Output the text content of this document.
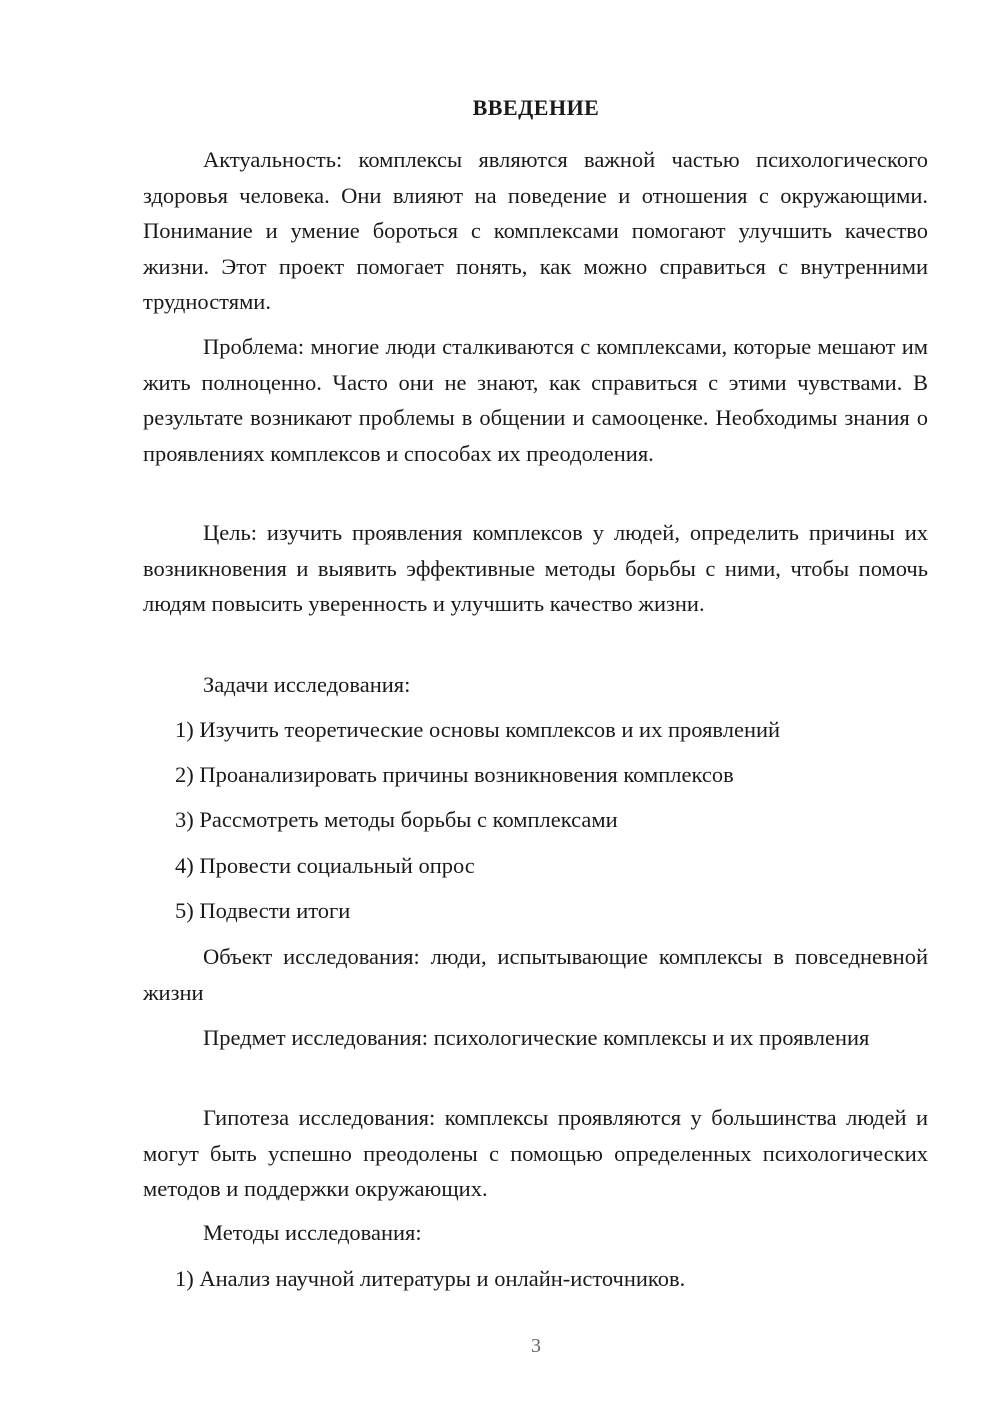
ВВЕДЕНИЕ

Актуальность: комплексы являются важной частью психологического здоровья человека. Они влияют на поведение и отношения с окружающими. Понимание и умение бороться с комплексами помогают улучшить качество жизни. Этот проект помогает понять, как можно справиться с внутренними трудностями.

Проблема: многие люди сталкиваются с комплексами, которые мешают им жить полноценно. Часто они не знают, как справиться с этими чувствами. В результате возникают проблемы в общении и самооценке. Необходимы знания о проявлениях комплексов и способах их преодоления.

Цель: изучить проявления комплексов у людей, определить причины их возникновения и выявить эффективные методы борьбы с ними, чтобы помочь людям повысить уверенность и улучшить качество жизни.

Задачи исследования:

1) Изучить теоретические основы комплексов и их проявлений

2) Проанализировать причины возникновения комплексов

3) Рассмотреть методы борьбы с комплексами

4) Провести социальный опрос

5) Подвести итоги

Объект исследования: люди, испытывающие комплексы в повседневной жизни

Предмет исследования: психологические комплексы и их проявления

Гипотеза исследования: комплексы проявляются у большинства людей и могут быть успешно преодолены с помощью определенных психологических методов и поддержки окружающих.

Методы исследования:

1) Анализ научной литературы и онлайн-источников.

3
